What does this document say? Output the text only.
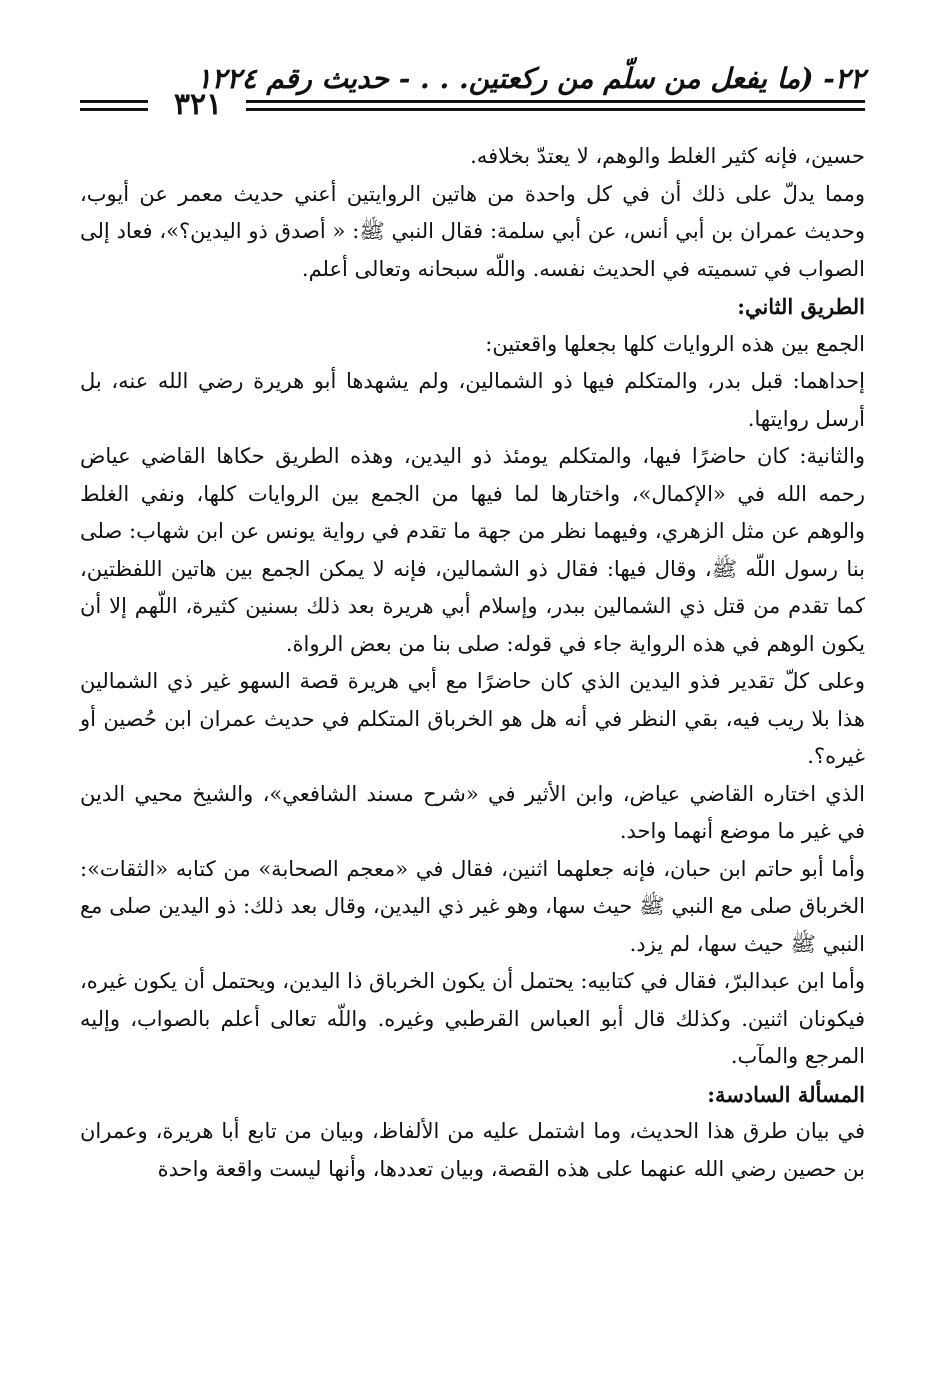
٢٢- (ما يفعل من سلّم من ركعتين. . . - حديث رقم ١٢٢٤
٣٢١

حسين، فإنه كثير الغلط والوهم، لا يعتدّ بخلافه.

ومما يدلّ على ذلك أن في كل واحدة من هاتين الروايتين أعني حديث معمر عن أيوب، وحديث عمران بن أبي أنس، عن أبي سلمة: فقال النبي ﷺ: « أصدق ذو اليدين؟»، فعاد إلى الصواب في تسميته في الحديث نفسه. واللّه سبحانه وتعالى أعلم.

الطريق الثاني:

الجمع بين هذه الروايات كلها بجعلها واقعتين:

إحداهما: قبل بدر، والمتكلم فيها ذو الشمالين، ولم يشهدها أبو هريرة رضي الله عنه، بل أرسل روايتها.

والثانية: كان حاضرًا فيها، والمتكلم يومئذ ذو اليدين، وهذه الطريق حكاها القاضي عياض رحمه الله في «الإكمال»، واختارها لما فيها من الجمع بين الروايات كلها، ونفي الغلط والوهم عن مثل الزهري، وفيهما نظر من جهة ما تقدم في رواية يونس عن ابن شهاب: صلى بنا رسول اللّه ﷺ، وقال فيها: فقال ذو الشمالين، فإنه لا يمكن الجمع بين هاتين اللفظتين، كما تقدم من قتل ذي الشمالين ببدر، وإسلام أبي هريرة بعد ذلك بسنين كثيرة، اللّهم إلا أن يكون الوهم في هذه الرواية جاء في قوله: صلى بنا من بعض الرواة.

وعلى كلّ تقدير فذو اليدين الذي كان حاضرًا مع أبي هريرة قصة السهو غير ذي الشمالين هذا بلا ريب فيه، بقي النظر في أنه هل هو الخرباق المتكلم في حديث عمران ابن حُصين أو غيره؟.

الذي اختاره القاضي عياض، وابن الأثير في «شرح مسند الشافعي»، والشيخ محيي الدين في غير ما موضع أنهما واحد.

وأما أبو حاتم ابن حبان، فإنه جعلهما اثنين، فقال في «معجم الصحابة» من كتابه «الثقات»: الخرباق صلى مع النبي ﷺ حيث سها، وهو غير ذي اليدين، وقال بعد ذلك: ذو اليدين صلى مع النبي ﷺ حيث سها، لم يزد.

وأما ابن عبدالبرّ، فقال في كتابيه: يحتمل أن يكون الخرباق ذا اليدين، ويحتمل أن يكون غيره، فيكونان اثنين. وكذلك قال أبو العباس القرطبي وغيره. واللّه تعالى أعلم بالصواب، وإليه المرجع والمآب.

المسألة السادسة:

في بيان طرق هذا الحديث، وما اشتمل عليه من الألفاظ، وبيان من تابع أبا هريرة، وعمران بن حصين رضي الله عنهما على هذه القصة، وبيان تعددها، وأنها ليست واقعة واحدة
